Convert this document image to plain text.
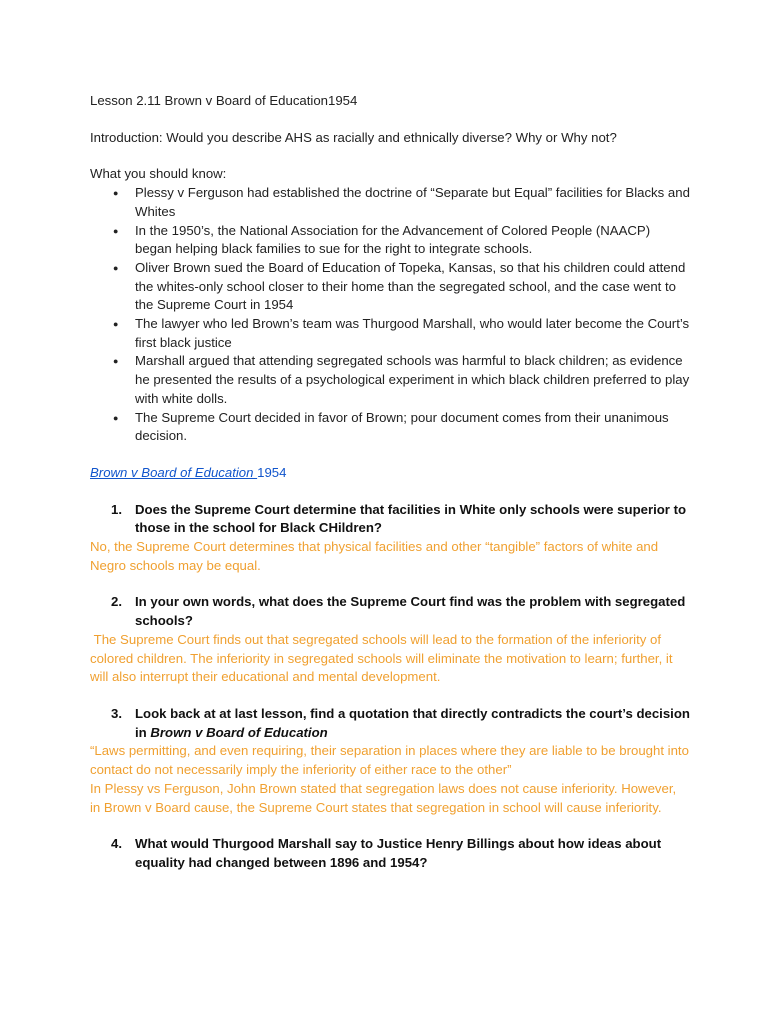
Lesson 2.11 Brown v Board of Education1954

Introduction: Would you describe AHS as racially and ethnically diverse? Why or Why not?

What you should know:

● Plessy v Ferguson had established the doctrine of “Separate but Equal” facilities for Blacks and Whites
● In the 1950’s, the National Association for the Advancement of Colored People (NAACP) began helping black families to sue for the right to integrate schools.
● Oliver Brown sued the Board of Education of Topeka, Kansas, so that his children could attend the whites-only school closer to their home than the segregated school, and the case went to the Supreme Court in 1954
● The lawyer who led Brown’s team was Thurgood Marshall, who would later become the Court’s first black justice
● Marshall argued that attending segregated schools was harmful to black children; as evidence he presented the results of a psychological experiment in which black children preferred to play with white dolls.
● The Supreme Court decided in favor of Brown; pour document comes from their unanimous decision.

Brown v Board of Education 1954

1. Does the Supreme Court determine that facilities in White only schools were superior to those in the school for Black CHildren?

No, the Supreme Court determines that physical facilities and other “tangible” factors of white and Negro schools may be equal.

2. In your own words, what does the Supreme Court find was the problem with segregated schools?

The Supreme Court finds out that segregated schools will lead to the formation of the inferiority of colored children. The inferiority in segregated schools will eliminate the motivation to learn; further, it will also interrupt their educational and mental development.

3. Look back at at last lesson, find a quotation that directly contradicts the court’s decision in Brown v Board of Education

“Laws permitting, and even requiring, their separation in places where they are liable to be brought into contact do not necessarily imply the inferiority of either race to the other”

In Plessy vs Ferguson, John Brown stated that segregation laws does not cause inferiority. However, in Brown v Board cause, the Supreme Court states that segregation in school will cause inferiority.

4. What would Thurgood Marshall say to Justice Henry Billings about how ideas about equality had changed between 1896 and 1954?
